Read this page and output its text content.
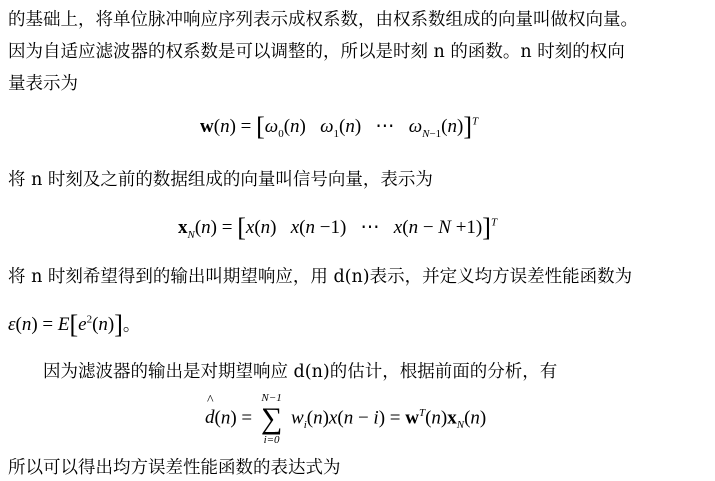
的基础上，将单位脉冲响应序列表示成权系数，由权系数组成的向量叫做权向量。
因为自适应滤波器的权系数是可以调整的，所以是时刻 n 的函数。n 时刻的权向
量表示为
$w(n) = [\omega_0(n)$   $\omega_1(n)$   ⋯   $\omega_{N-1}(n)]^T$
将 n 时刻及之前的数据组成的向量叫信号向量，表示为
$x_N(n) = [x(n)$   x(n −1)   ⋯   x(n − N +1)]$^T$
将 n 时刻希望得到的输出叫期望响应，用 d(n)表示，并定义均方误差性能函数为
$\varepsilon(n) = E[e^2(n)]$。
因为滤波器的输出是对期望响应 d(n)的估计，根据前面的分析，有
^ d(n) =
N−1
∑
i=0
$w_i(n)x(n - i) = w^T(n)x_N(n)$
所以可以得出均方误差性能函数的表达式为
